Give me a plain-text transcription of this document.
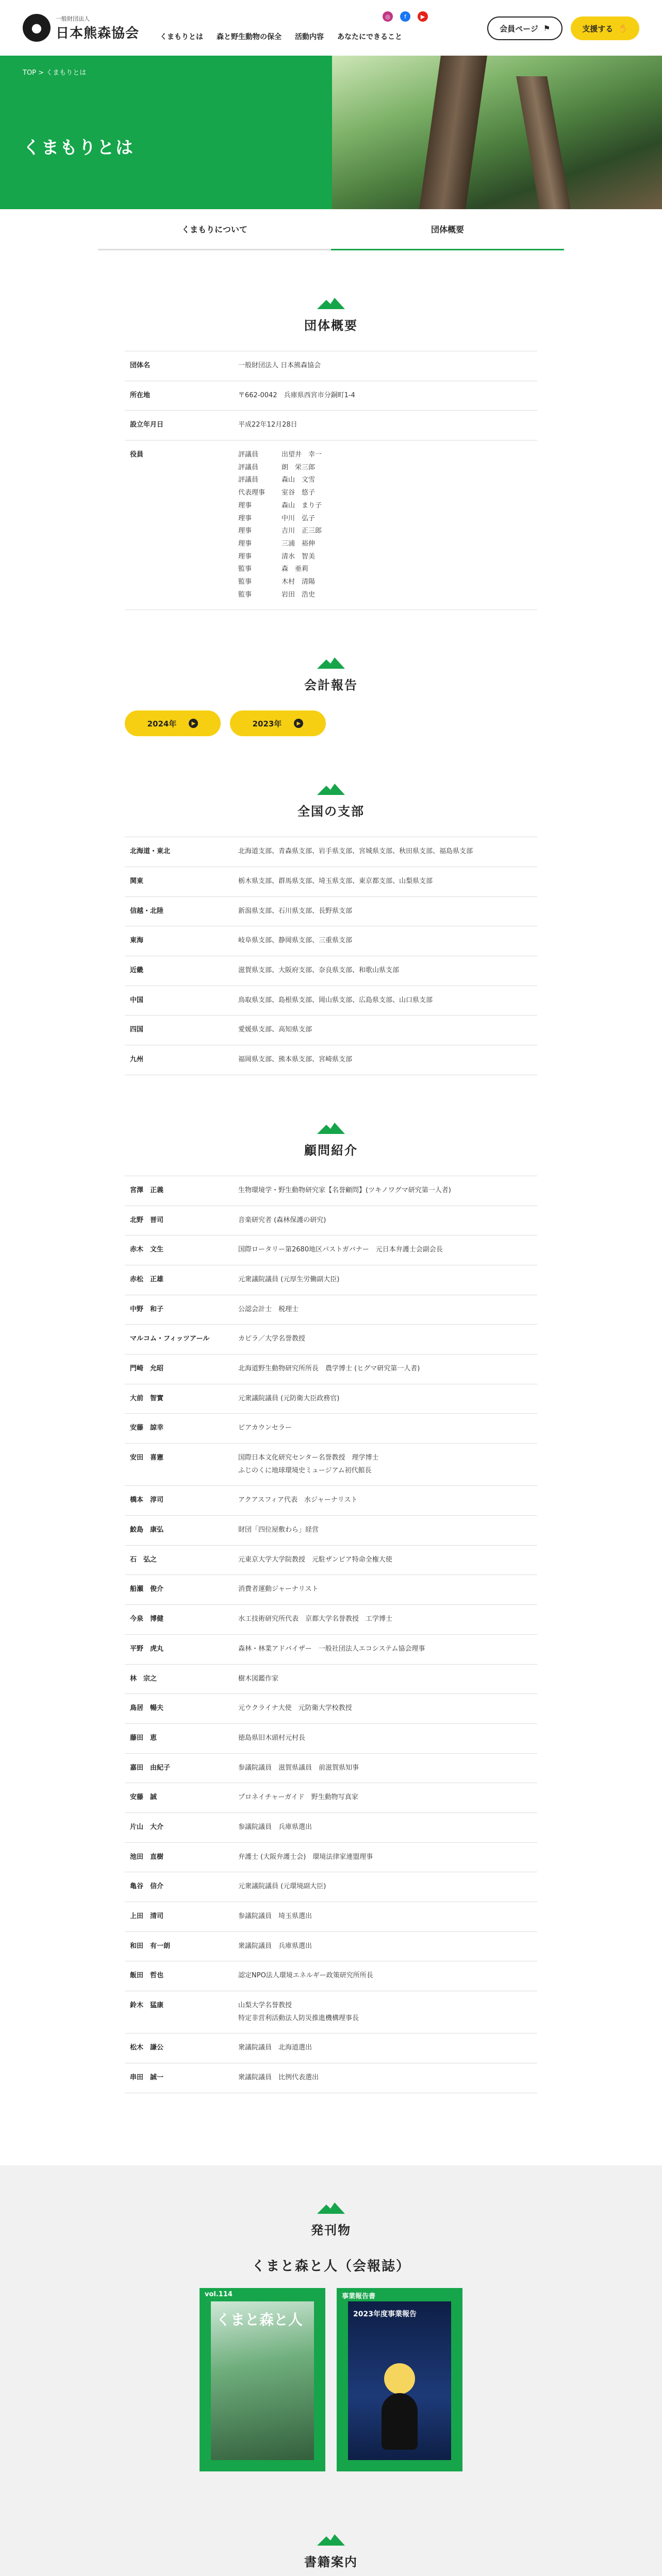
●
一般財団法人
日本熊森協会	くまもりとは 森と野生動物の保全 活動内容 あなたにできること
◎	f	▶
会員ページ ⚑	支援する ✋
TOP > くまもりとは
くまもりとは
くまもりについて	団体概要
団体概要
団体名	一般財団法人 日本熊森協会
所在地	〒662-0042　兵庫県西宮市分銅町1-4
設立年月日	平成22年12月28日
役員	評議員	出望井　幸一
評議員	朗　栄三郎
評議員	森山　文雪
代表理事	室谷　悠子
理事	森山　まり子
理事	中川　弘子
理事	吉川　正三郎
理事	三浦　裕伸
理事	清水　智美
監事	森　亜莉
監事	木村　清陽
監事	岩田　浩史
会計報告
2024年	▶	2023年	▶
全国の支部
北海道・東北	北海道支部、青森県支部、岩手県支部、宮城県支部、秋田県支部、福島県支部
関東	栃木県支部、群馬県支部、埼玉県支部、東京都支部、山梨県支部
信越・北陸	新潟県支部、石川県支部、長野県支部
東海	岐阜県支部、静岡県支部、三重県支部
近畿	滋賀県支部、大阪府支部、奈良県支部、和歌山県支部
中国	鳥取県支部、島根県支部、岡山県支部、広島県支部、山口県支部
四国	愛媛県支部、高知県支部
九州	福岡県支部、熊本県支部、宮崎県支部
顧問紹介
宮澤　正義	生物環境学・野生動物研究家【名誉顧問】(ツキノワグマ研究第一人者)
北野　晋司	音楽研究者 (森林保護の研究)
赤木　文生	国際ロータリー第2680地区パストガバナー　元日本弁護士会副会長
赤松　正雄	元衆議院議員 (元厚生労働副大臣)
中野　和子	公認会計士　税理士
マルコム・フィッツアール	カピラ／大学名誉教授
門崎　允昭	北海道野生動物研究所所長　農学博士 (ヒグマ研究第一人者)
大前　智實	元衆議院議員 (元防衛大臣政務官)
安藤　諒幸	ピアカウンセラー
安田　喜憲	国際日本文化研究センター名誉教授　理学博士
ふじのくに地球環境史ミュージアム初代館長
橋本　淳司	アクアスフィア代表　水ジャーナリスト
鮫島　康弘	財団「四位屋敷わら」経営
石　弘之	元東京大学大学院教授　元駐ザンビア特命全権大使
船瀬　俊介	消費者運動ジャーナリスト
今泉　博健	水工技術研究所代表　京都大学名誉教授　工学博士
平野　虎丸	森林・林業アドバイザー　一般社団法人エコシステム協会理事
林　宗之	樹木図鑑作家
鳥居　暢夫	元ウクライナ大使　元防衛大学校教授
藤田　恵	徳島県旧木頭村元村長
嘉田　由紀子	参議院議員　滋賀県議員　前滋賀県知事
安藤　誠	プロネイチャーガイド　野生動物写真家
片山　大介	参議院議員　兵庫県選出
池田　直樹	弁護士 (大阪弁護士会)　環境法律家連盟理事
亀谷　信介	元衆議院議員 (元環境副大臣)
上田　清司	参議院議員　埼玉県選出
和田　有一朗	衆議院議員　兵庫県選出
飯田　哲也	認定NPO法人環境エネルギー政策研究所所長
鈴木　猛康	山梨大学名誉教授
特定非営利活動法人防災推進機構理事長
松木　謙公	衆議院議員　北海道選出
串田　誠一	衆議院議員　比例代表選出
発刊物
くまと森と人（会報誌）
vol.114
くまと森と人
事業報告書
2023年度事業報告
書籍案内
